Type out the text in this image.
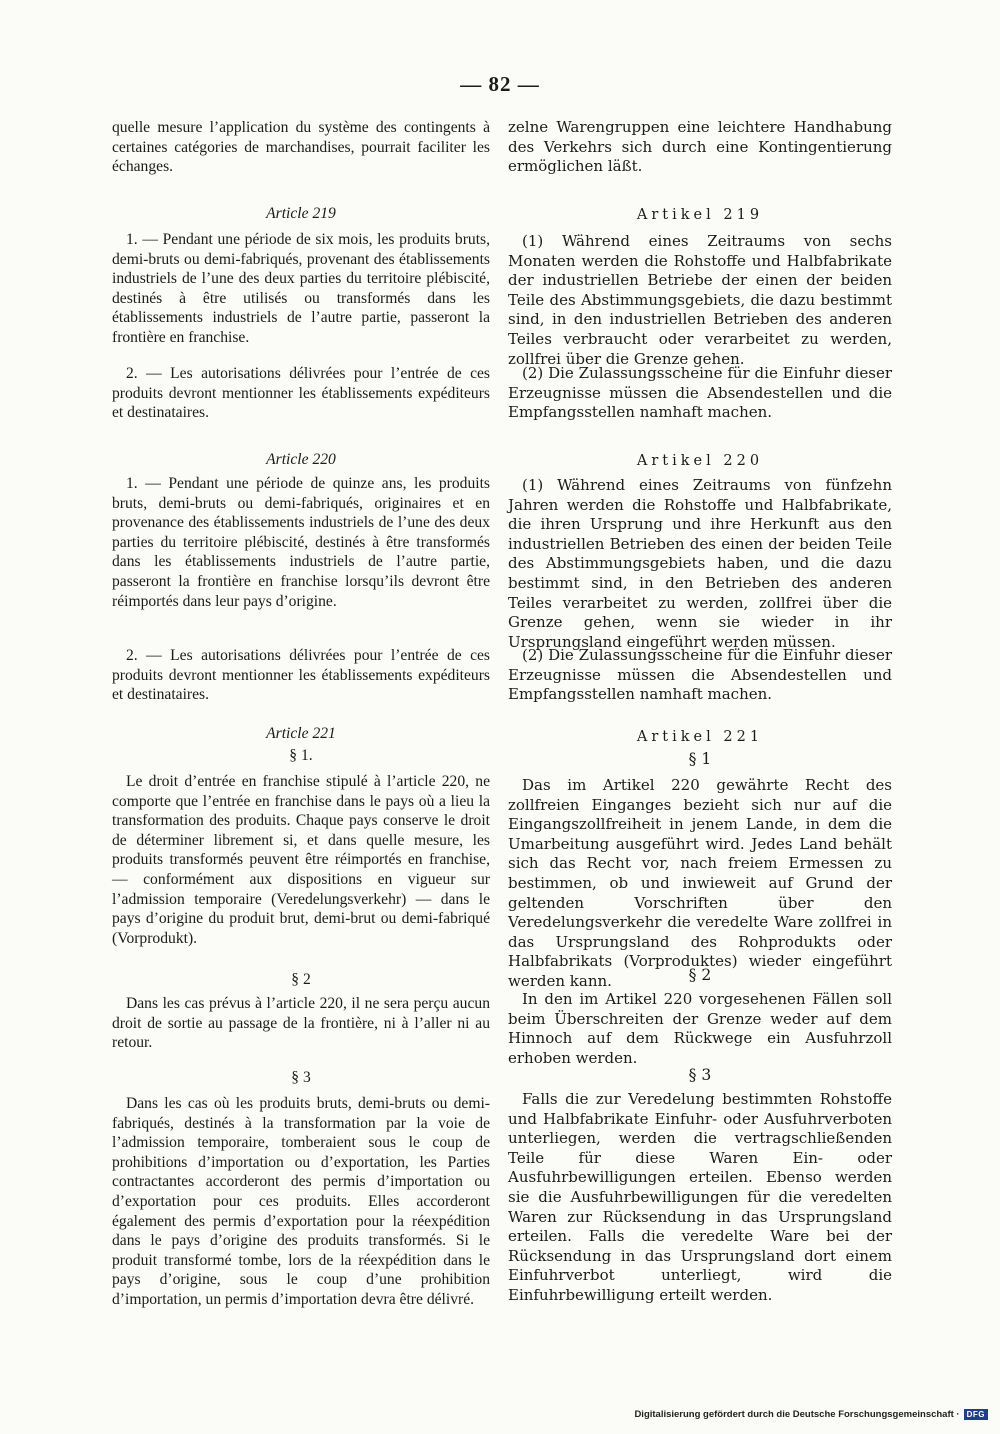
— 82 —

quelle mesure l’application du système des contingents à certaines catégories de marchandises, pourrait faciliter les échanges.

Article 219

1. — Pendant une période de six mois, les produits bruts, demi-bruts ou demi-fabriqués, provenant des établissements industriels de l’une des deux parties du territoire plébiscité, destinés à être utilisés ou transformés dans les établissements industriels de l’autre partie, passeront la frontière en franchise.

2. — Les autorisations délivrées pour l’entrée de ces produits devront mentionner les établissements expéditeurs et destinataires.

Article 220

1. — Pendant une période de quinze ans, les produits bruts, demi-bruts ou demi-fabriqués, originaires et en provenance des établissements industriels de l’une des deux parties du territoire plébiscité, destinés à être transformés dans les établissements industriels de l’autre partie, passeront la frontière en franchise lorsqu’ils devront être réimportés dans leur pays d’origine.

2. — Les autorisations délivrées pour l’entrée de ces produits devront mentionner les établissements expéditeurs et destinataires.

Article 221
§ 1.

Le droit d’entrée en franchise stipulé à l’article 220, ne comporte que l’entrée en franchise dans le pays où a lieu la transformation des produits. Chaque pays conserve le droit de déterminer librement si, et dans quelle mesure, les produits transformés peuvent être réimportés en franchise, — conformément aux dispositions en vigueur sur l’admission temporaire (Veredelungsverkehr) — dans le pays d’origine du produit brut, demi-brut ou demi-fabriqué (Vorprodukt).

§ 2

Dans les cas prévus à l’article 220, il ne sera perçu aucun droit de sortie au passage de la frontière, ni à l’aller ni au retour.

§ 3

Dans les cas où les produits bruts, demi-bruts ou demi-fabriqués, destinés à la transformation par la voie de l’admission temporaire, tomberaient sous le coup de prohibitions d’importation ou d’exportation, les Parties contractantes accorderont des permis d’importation ou d’exportation pour ces produits. Elles accorderont également des permis d’exportation pour la réexpédition dans le pays d’origine des produits transformés. Si le produit transformé tombe, lors de la réexpédition dans le pays d’origine, sous le coup d’une prohibition d’importation, un permis d’importation devra être délivré.

zelne Warengruppen eine leichtere Handhabung des Verkehrs sich durch eine Kontingentierung ermöglichen läßt.

Artikel 219

(1) Während eines Zeitraums von sechs Monaten werden die Rohstoffe und Halbfabrikate der industriellen Betriebe der einen der beiden Teile des Abstimmungsgebiets, die dazu bestimmt sind, in den industriellen Betrieben des anderen Teiles verbraucht oder verarbeitet zu werden, zollfrei über die Grenze gehen.

(2) Die Zulassungsscheine für die Einfuhr dieser Erzeugnisse müssen die Absendestellen und die Empfangsstellen namhaft machen.

Artikel 220

(1) Während eines Zeitraums von fünfzehn Jahren werden die Rohstoffe und Halbfabrikate, die ihren Ursprung und ihre Herkunft aus den industriellen Betrieben des einen der beiden Teile des Abstimmungsgebiets haben, und die dazu bestimmt sind, in den Betrieben des anderen Teiles verarbeitet zu werden, zollfrei über die Grenze gehen, wenn sie wieder in ihr Ursprungsland eingeführt werden müssen.

(2) Die Zulassungsscheine für die Einfuhr dieser Erzeugnisse müssen die Absendestellen und Empfangsstellen namhaft machen.

Artikel 221
§ 1

Das im Artikel 220 gewährte Recht des zollfreien Einganges bezieht sich nur auf die Eingangszollfreiheit in jenem Lande, in dem die Umarbeitung ausgeführt wird. Jedes Land behält sich das Recht vor, nach freiem Ermessen zu bestimmen, ob und inwieweit auf Grund der geltenden Vorschriften über den Veredelungsverkehr die veredelte Ware zollfrei in das Ursprungsland des Rohprodukts oder Halbfabrikats (Vorproduktes) wieder eingeführt werden kann.	§ 2

In den im Artikel 220 vorgesehenen Fällen soll beim Überschreiten der Grenze weder auf dem Hinnoch auf dem Rückwege ein Ausfuhrzoll erhoben werden.

§ 3

Falls die zur Veredelung bestimmten Rohstoffe und Halbfabrikate Einfuhr- oder Ausfuhrverboten unterliegen, werden die vertragschließenden Teile für diese Waren Ein- oder Ausfuhrbewilligungen erteilen. Ebenso werden sie die Ausfuhrbewilligungen für die veredelten Waren zur Rücksendung in das Ursprungsland erteilen. Falls die veredelte Ware bei der Rücksendung in das Ursprungsland dort einem Einfuhrverbot unterliegt, wird die Einfuhrbewilligung erteilt werden.

Digitalisierung gefördert durch die Deutsche Forschungsgemeinschaft · DFG
